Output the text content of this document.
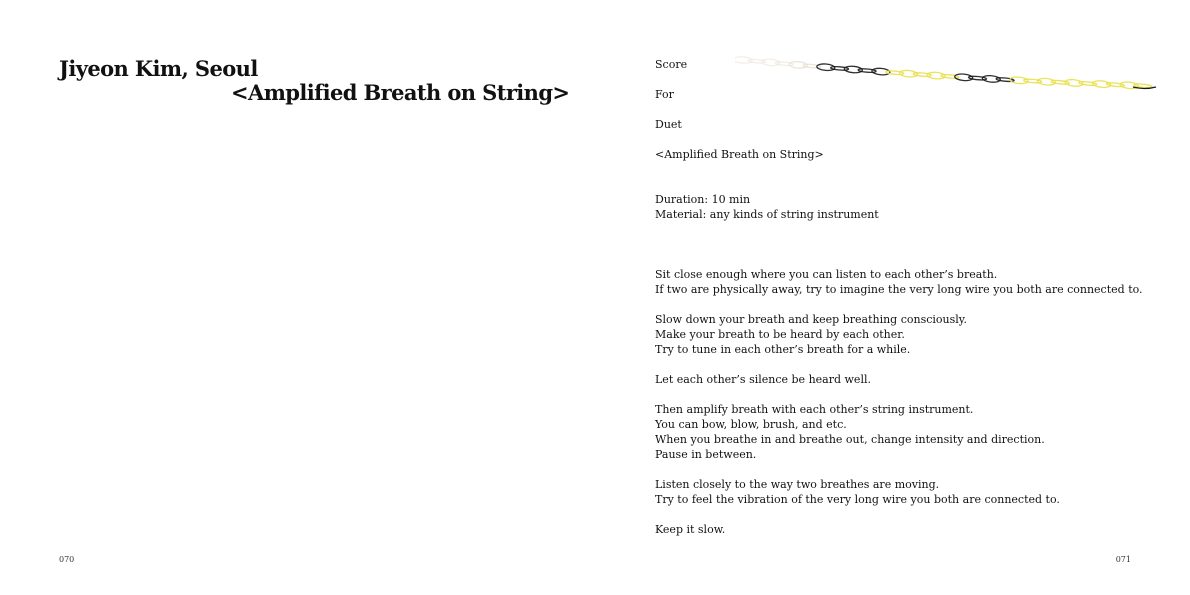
Jiyeon Kim, Seoul
<Amplified Breath on String>
070

Score

For

Duet

<Amplified Breath on String>

Duration: 10 min

Material: any kinds of string instrument

Sit close enough where you can listen to each other’s breath.

If two are physically away, try to imagine the very long wire you both are connected to.

Slow down your breath and keep breathing consciously.

Make your breath to be heard by each other.

Try to tune in each other’s breath for a while.

Let each other’s silence be heard well.

Then amplify breath with each other’s string instrument.

You can bow, blow, brush, and etc.

When you breathe in and breathe out, change intensity and direction.

Pause in between.

Listen closely to the way two breathes are moving.

Try to feel the vibration of the very long wire you both are connected to.

Keep it slow.

071
